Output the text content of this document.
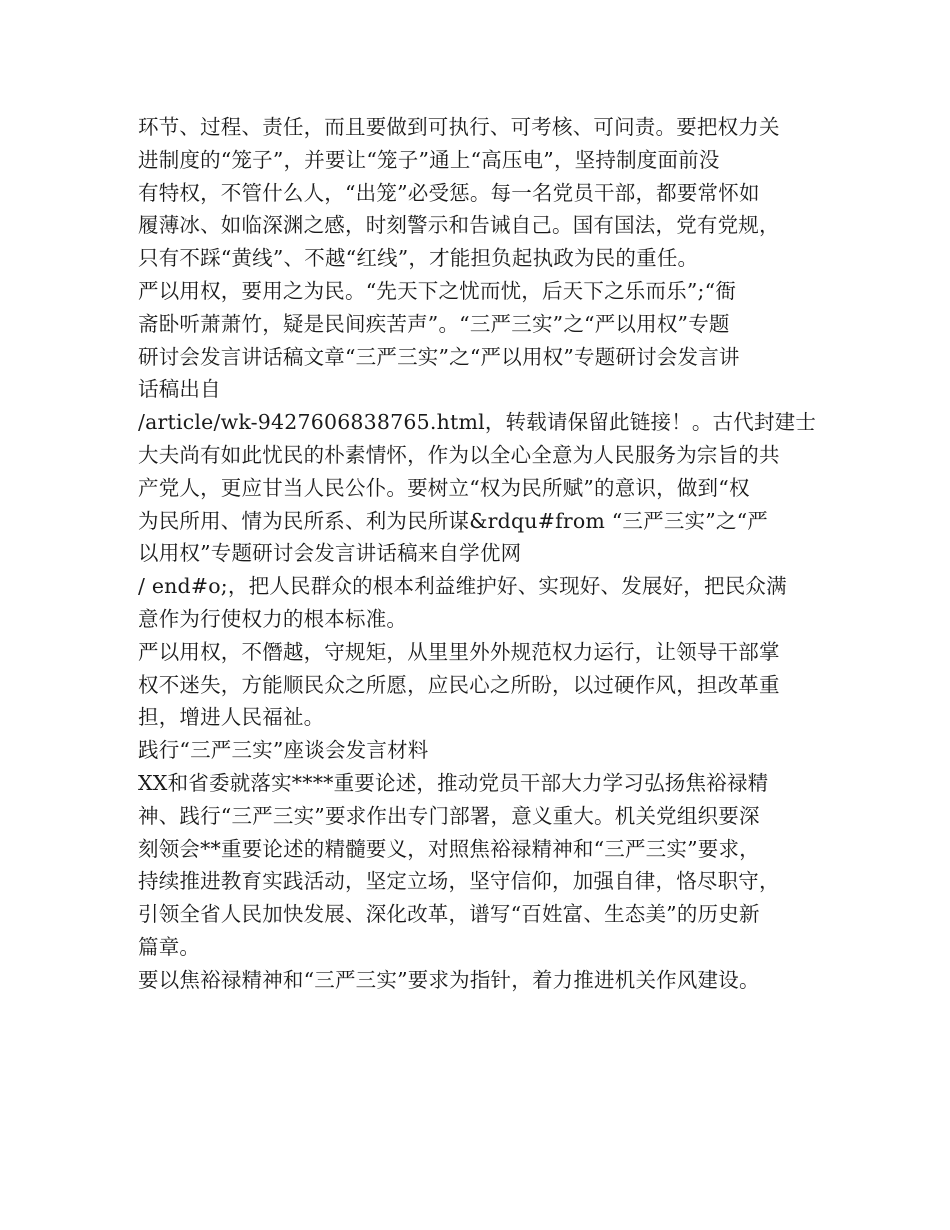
环节、过程、责任，而且要做到可执行、可考核、可问责。要把权力关
进制度的“笼子”，并要让“笼子”通上“高压电”，坚持制度面前没
有特权，不管什么人，“出笼”必受惩。每一名党员干部，都要常怀如
履薄冰、如临深渊之感，时刻警示和告诫自己。国有国法，党有党规，
只有不踩“黄线”、不越“红线”，才能担负起执政为民的重任。
严以用权，要用之为民。“先天下之忧而忧，后天下之乐而乐”;“衙
斋卧听萧萧竹，疑是民间疾苦声”。“三严三实”之“严以用权”专题
研讨会发言讲话稿文章“三严三实”之“严以用权”专题研讨会发言讲
话稿出自
/article/wk-9427606838765.html，转载请保留此链接！。古代封建士
大夫尚有如此忧民的朴素情怀，作为以全心全意为人民服务为宗旨的共
产党人，更应甘当人民公仆。要树立“权为民所赋”的意识，做到“权
为民所用、情为民所系、利为民所谋&rdqu#from “三严三实”之“严
以用权”专题研讨会发言讲话稿来自学优网
/ end#o;，把人民群众的根本利益维护好、实现好、发展好，把民众满
意作为行使权力的根本标准。
严以用权，不僭越，守规矩，从里里外外规范权力运行，让领导干部掌
权不迷失，方能顺民众之所愿，应民心之所盼，以过硬作风，担改革重
担，增进人民福祉。
践行“三严三实”座谈会发言材料
XX和省委就落实****重要论述，推动党员干部大力学习弘扬焦裕禄精
神、践行“三严三实”要求作出专门部署，意义重大。机关党组织要深
刻领会**重要论述的精髓要义，对照焦裕禄精神和“三严三实”要求，
持续推进教育实践活动，坚定立场，坚守信仰，加强自律，恪尽职守，
引领全省人民加快发展、深化改革，谱写“百姓富、生态美”的历史新
篇章。
要以焦裕禄精神和“三严三实”要求为指针，着力推进机关作风建设。
